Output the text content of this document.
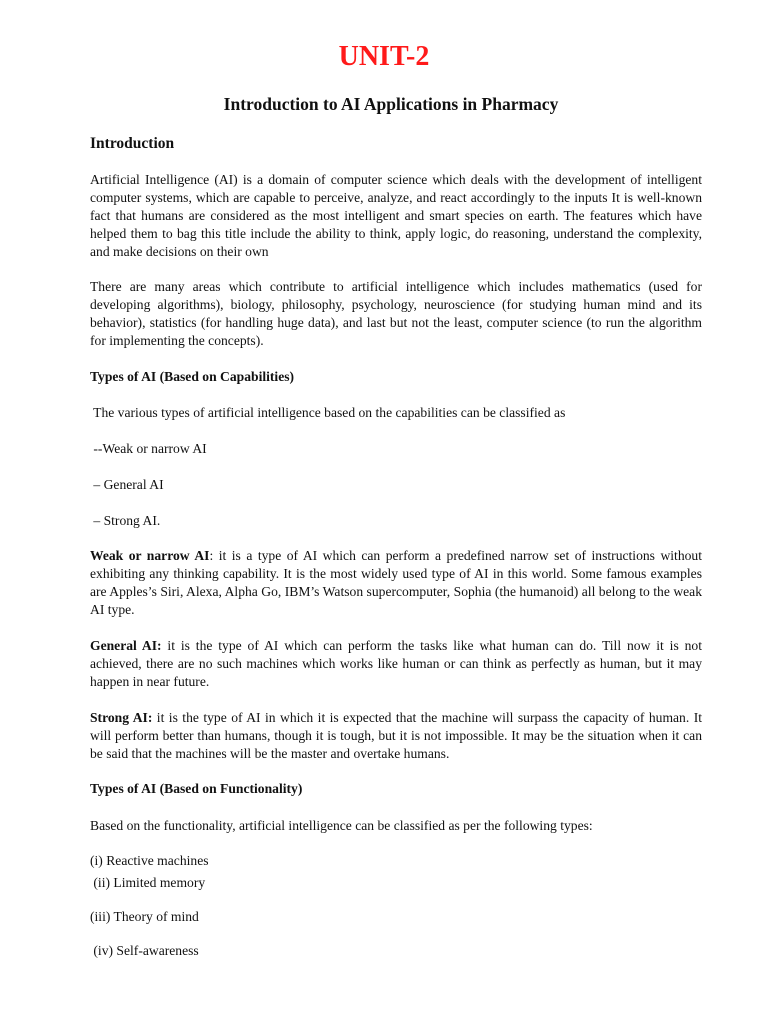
UNIT-2
Introduction to AI Applications in Pharmacy
Introduction
Artificial Intelligence (AI) is a domain of computer science which deals with the development of intelligent computer systems, which are capable to perceive, analyze, and react accordingly to the inputs It is well-known fact that humans are considered as the most intelligent and smart species on earth. The features which have helped them to bag this title include the ability to think, apply logic, do reasoning, understand the complexity, and make decisions on their own
There are many areas which contribute to artificial intelligence which includes mathematics (used for developing algorithms), biology, philosophy, psychology, neuroscience (for studying human mind and its behavior), statistics (for handling huge data), and last but not the least, computer science (to run the algorithm for implementing the concepts).
Types of AI (Based on Capabilities)
The various types of artificial intelligence based on the capabilities can be classified as
--Weak or narrow AI
– General AI
– Strong AI.
Weak or narrow AI: it is a type of AI which can perform a predefined narrow set of instructions without exhibiting any thinking capability. It is the most widely used type of AI in this world. Some famous examples are Apples’s Siri, Alexa, Alpha Go, IBM’s Watson supercomputer, Sophia (the humanoid) all belong to the weak AI type.
General AI: it is the type of AI which can perform the tasks like what human can do. Till now it is not achieved, there are no such machines which works like human or can think as perfectly as human, but it may happen in near future.
Strong AI: it is the type of AI in which it is expected that the machine will surpass the capacity of human. It will perform better than humans, though it is tough, but it is not impossible. It may be the situation when it can be said that the machines will be the master and overtake humans.
Types of AI (Based on Functionality)
Based on the functionality, artificial intelligence can be classified as per the following types:
(i) Reactive machines
(ii) Limited memory
(iii) Theory of mind
(iv) Self-awareness
